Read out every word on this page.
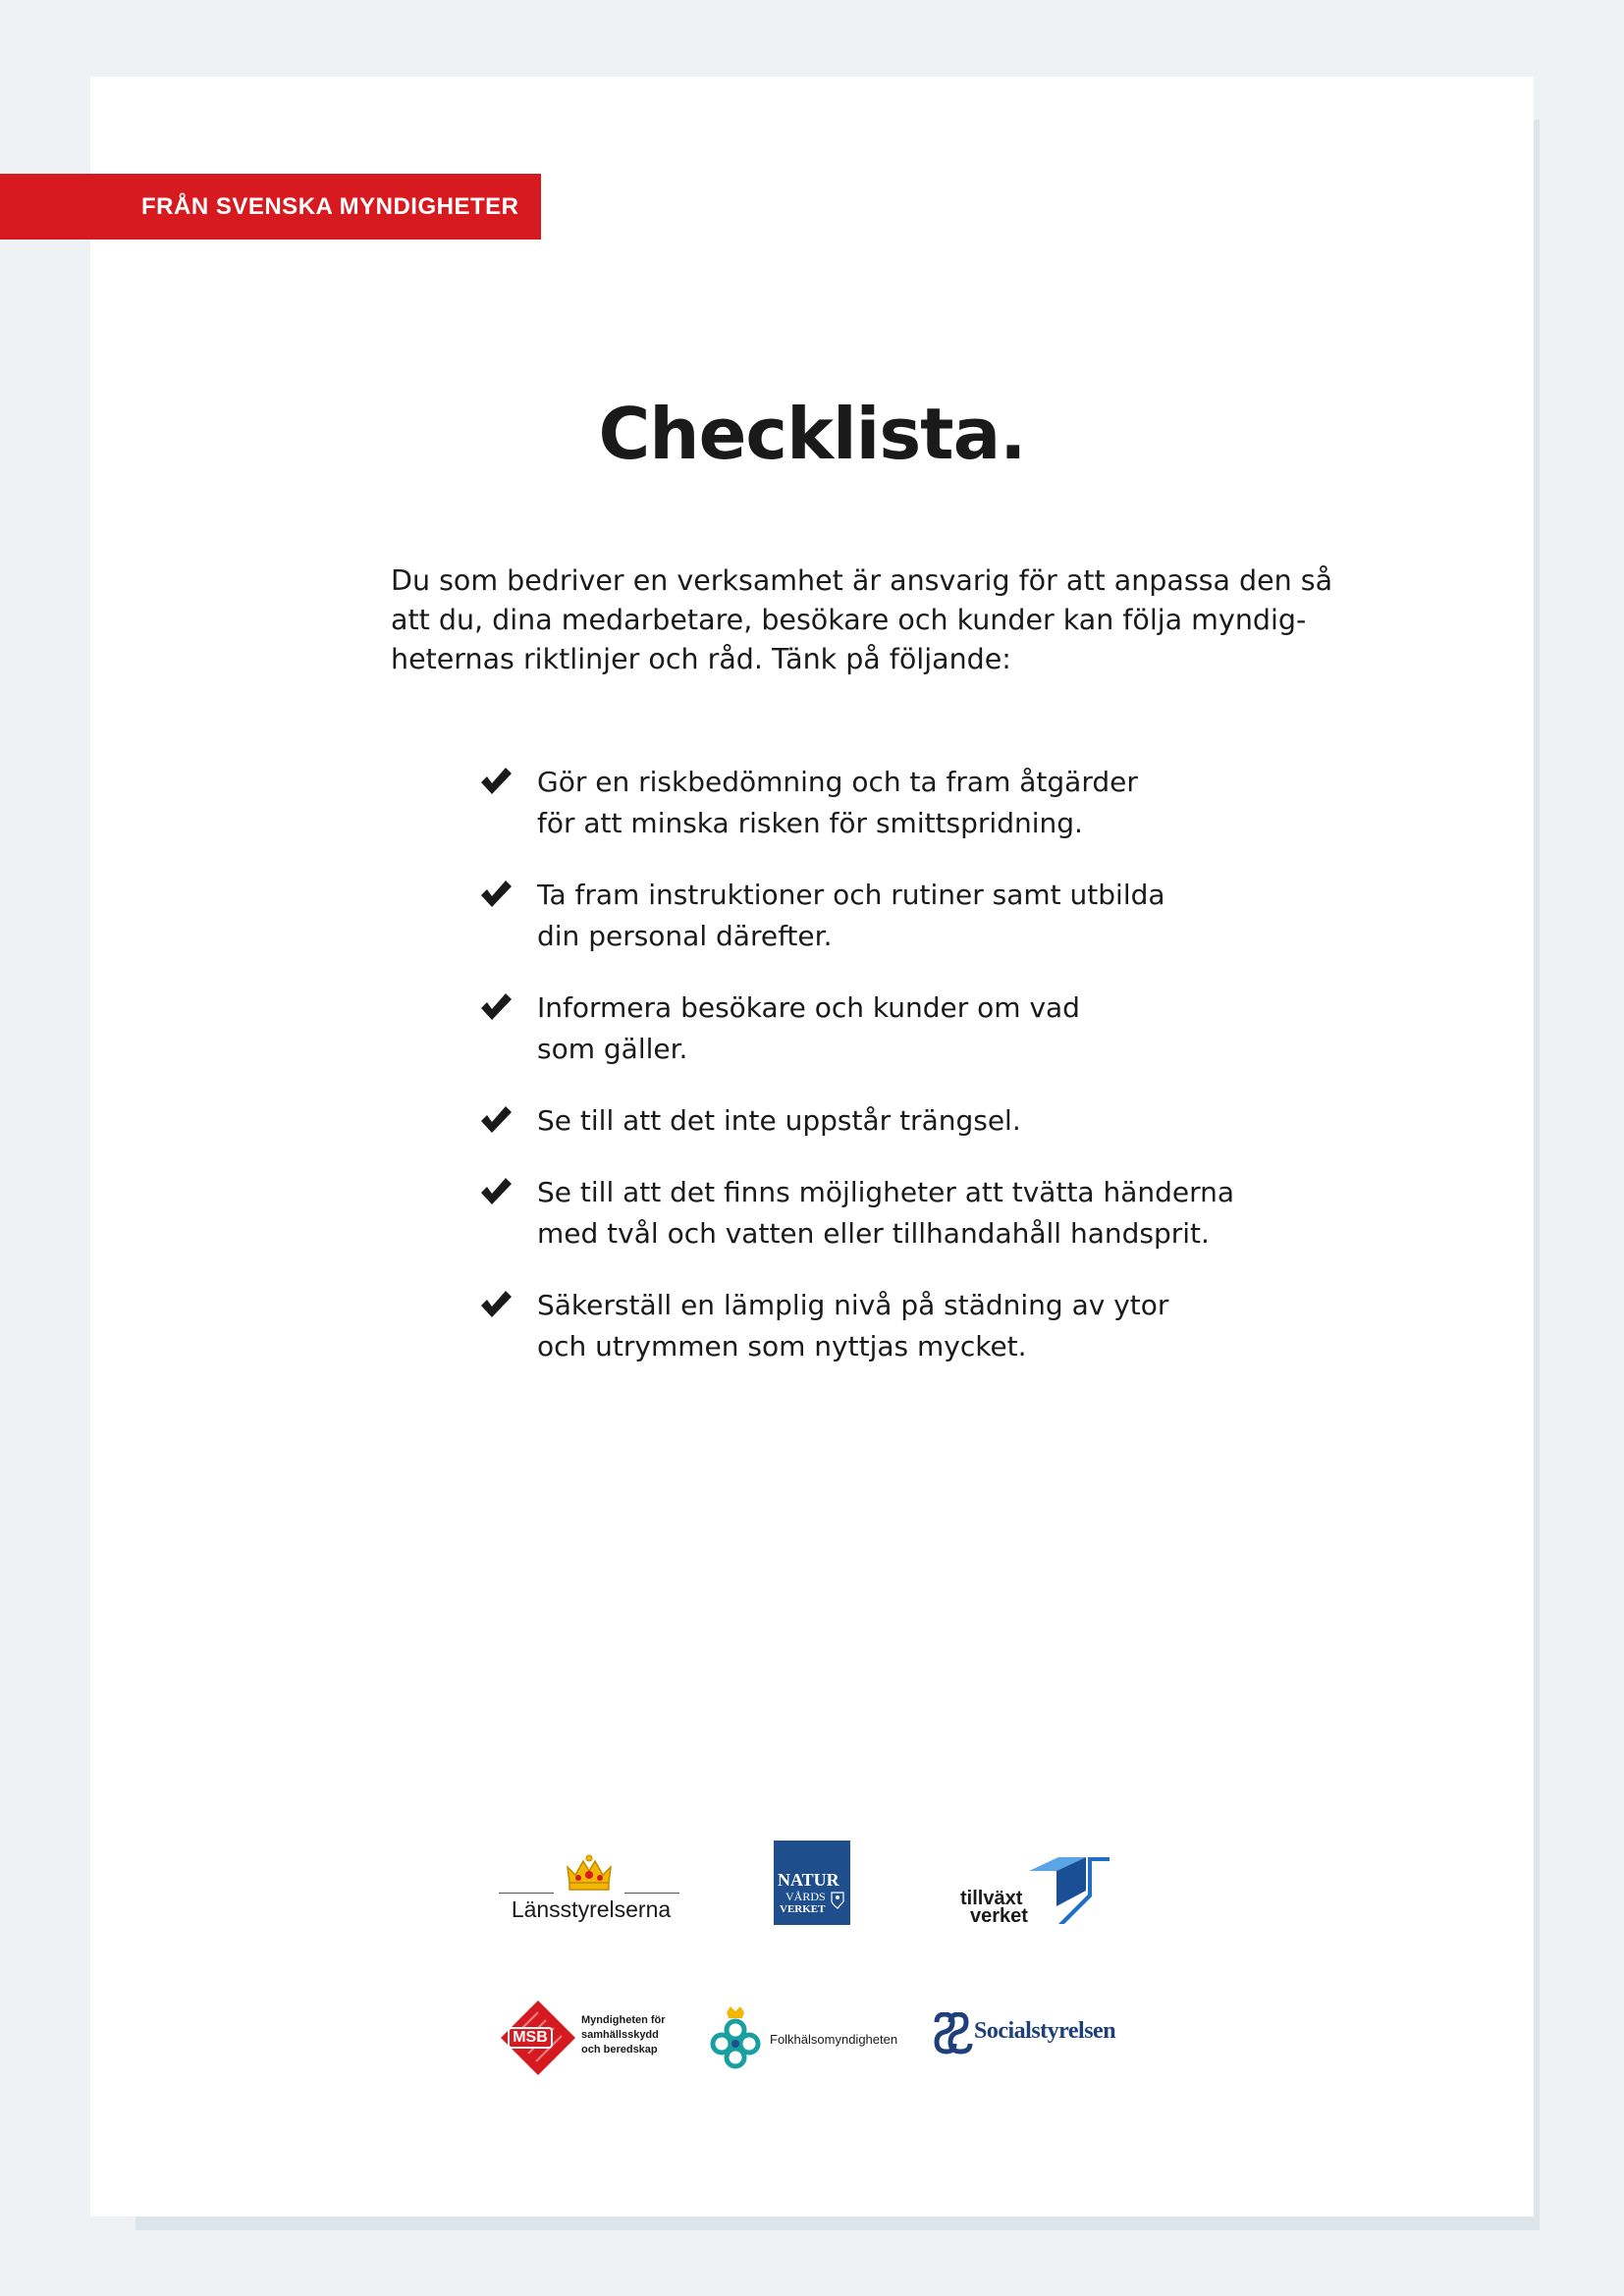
FRÅN SVENSKA MYNDIGHETER
Checklista.
Du som bedriver en verksamhet är ansvarig för att anpassa den så
att du, dina medarbetare, besökare och kunder kan följa myndig-
heternas riktlinjer och råd. Tänk på följande:
Gör en riskbedömning och ta fram åtgärder
för att minska risken för smittspridning.
Ta fram instruktioner och rutiner samt utbilda
din personal därefter.
Informera besökare och kunder om vad
som gäller.
Se till att det inte uppstår trängsel.
Se till att det finns möjligheter att tvätta händerna
med tvål och vatten eller tillhandahåll handsprit.
Säkerställ en lämplig nivå på städning av ytor
och utrymmen som nyttjas mycket.
Länsstyrelserna
NATUR
VÅRDS
VERKET	tillväxt
verket
MSB
Myndigheten för
samhällsskydd
och beredskap
Folkhälsomyndigheten	Socialstyrelsen
